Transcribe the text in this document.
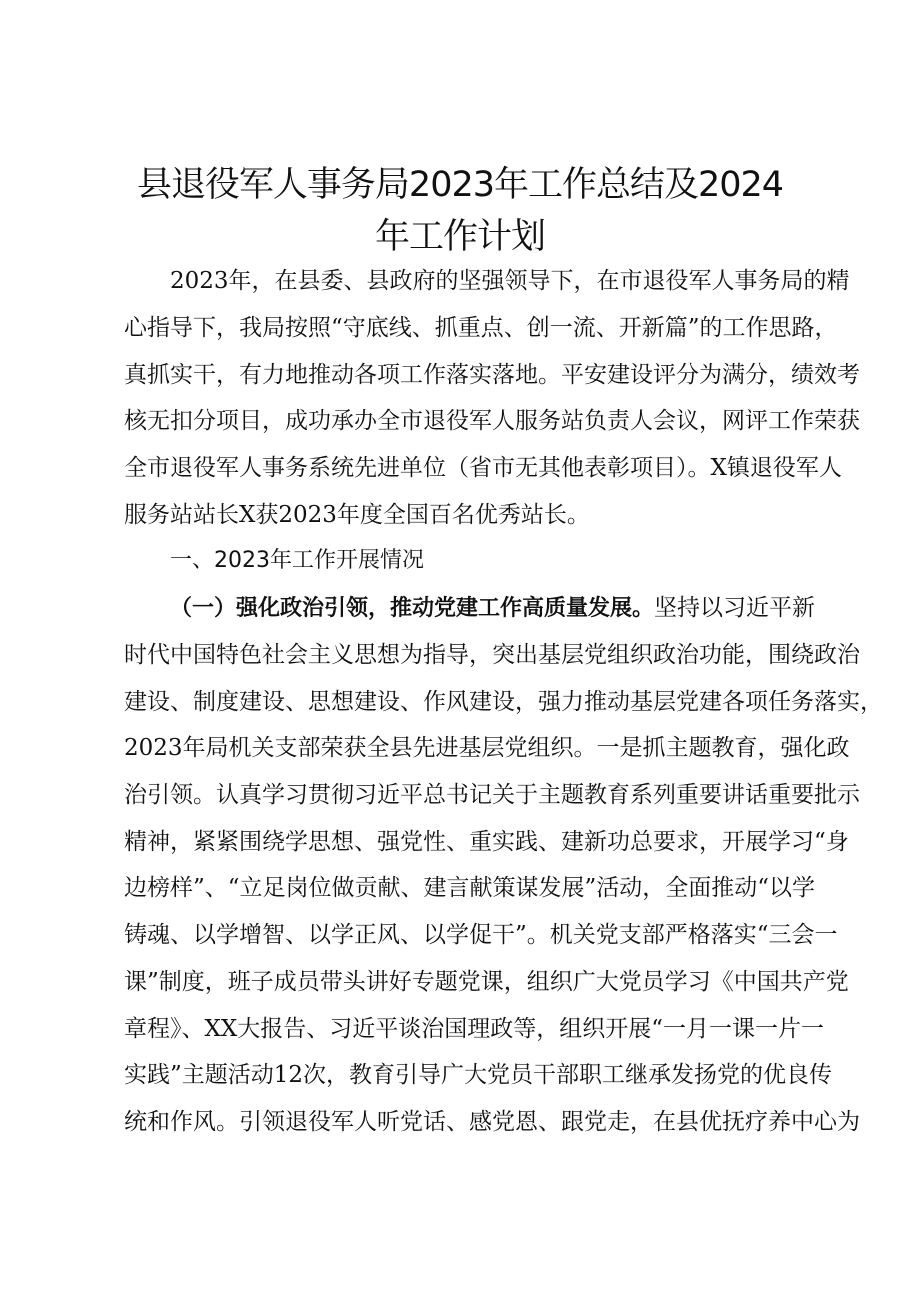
县退役军人事务局2023年工作总结及2024
年工作计划
2023年，在县委、县政府的坚强领导下，在市退役军人事务局的精
心指导下，我局按照“守底线、抓重点、创一流、开新篇”的工作思路，
真抓实干，有力地推动各项工作落实落地。平安建设评分为满分，绩效考
核无扣分项目，成功承办全市退役军人服务站负责人会议，网评工作荣获
全市退役军人事务系统先进单位（省市无其他表彰项目）。X镇退役军人
服务站站长X获2023年度全国百名优秀站长。
一、2023年工作开展情况
（一）强化政治引领，推动党建工作高质量发展。坚持以习近平新
时代中国特色社会主义思想为指导，突出基层党组织政治功能，围绕政治
建设、制度建设、思想建设、作风建设，强力推动基层党建各项任务落实，
2023年局机关支部荣获全县先进基层党组织。一是抓主题教育，强化政
治引领。认真学习贯彻习近平总书记关于主题教育系列重要讲话重要批示
精神，紧紧围绕学思想、强党性、重实践、建新功总要求，开展学习“身
边榜样”、“立足岗位做贡献、建言献策谋发展”活动，全面推动“以学
铸魂、以学增智、以学正风、以学促干”。机关党支部严格落实“三会一
课”制度，班子成员带头讲好专题党课，组织广大党员学习《中国共产党
章程》、XX大报告、习近平谈治国理政等，组织开展“一月一课一片一
实践”主题活动12次，教育引导广大党员干部职工继承发扬党的优良传
统和作风。引领退役军人听党话、感党恩、跟党走，在县优抚疗养中心为
